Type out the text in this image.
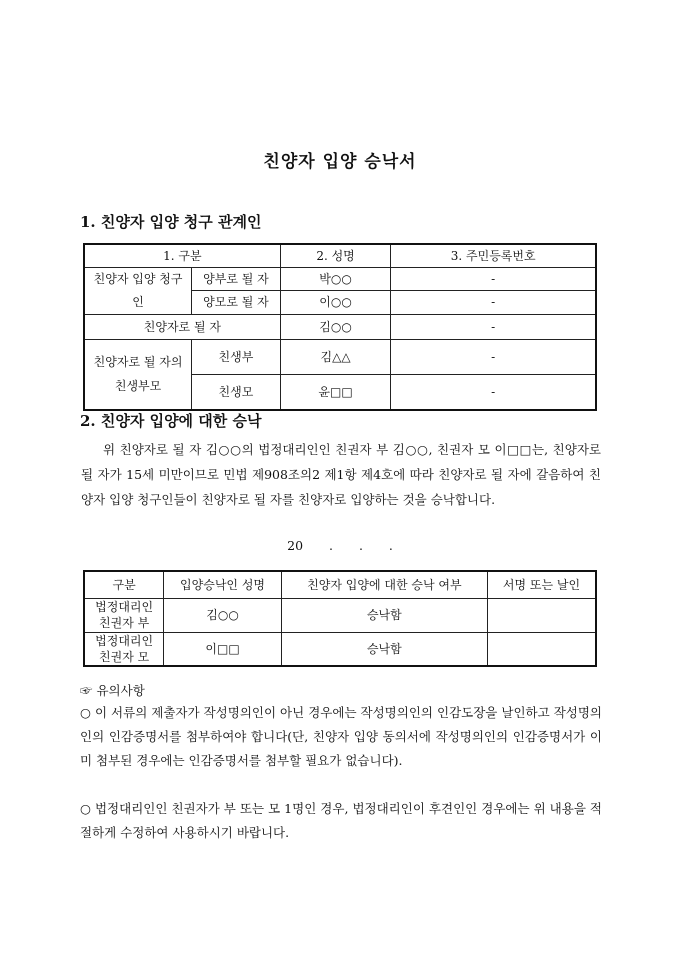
친양자 입양 승낙서
1. 친양자 입양 청구 관계인
1. 구분		2. 성명	3. 주민등록번호
친양자 입양 청구인	양부로 될 자	박○○	-
	양모로 될 자	이○○	-
친양자로 될 자		김○○	-
친양자로 될 자의 친생부모	친생부	김△△	-
	친생모	윤□□	-
2. 친양자 입양에 대한 승낙
위 친양자로 될 자 김○○의 법정대리인인 친권자 부 김○○, 친권자 모 이□□는, 친양자로 될 자가 15세 미만이므로 민법 제908조의2 제1항 제4호에 따라 친양자로 될 자에 갈음하여 친양자 입양 청구인들이 친양자로 될 자를 친양자로 입양하는 것을 승낙합니다.
20 . . .
구분	입양승낙인 성명	친양자 입양에 대한 승낙 여부	서명 또는 날인
법정대리인 친권자 부	김○○	승낙함	
법정대리인 친권자 모	이□□	승낙함	
☞ 유의사항
○ 이 서류의 제출자가 작성명의인이 아닌 경우에는 작성명의인의 인감도장을 날인하고 작성명의인의 인감증명서를 첨부하여야 합니다(단, 친양자 입양 동의서에 작성명의인의 인감증명서가 이미 첨부된 경우에는 인감증명서를 첨부할 필요가 없습니다).
○ 법정대리인인 친권자가 부 또는 모 1명인 경우, 법정대리인이 후견인인 경우에는 위 내용을 적절하게 수정하여 사용하시기 바랍니다.
